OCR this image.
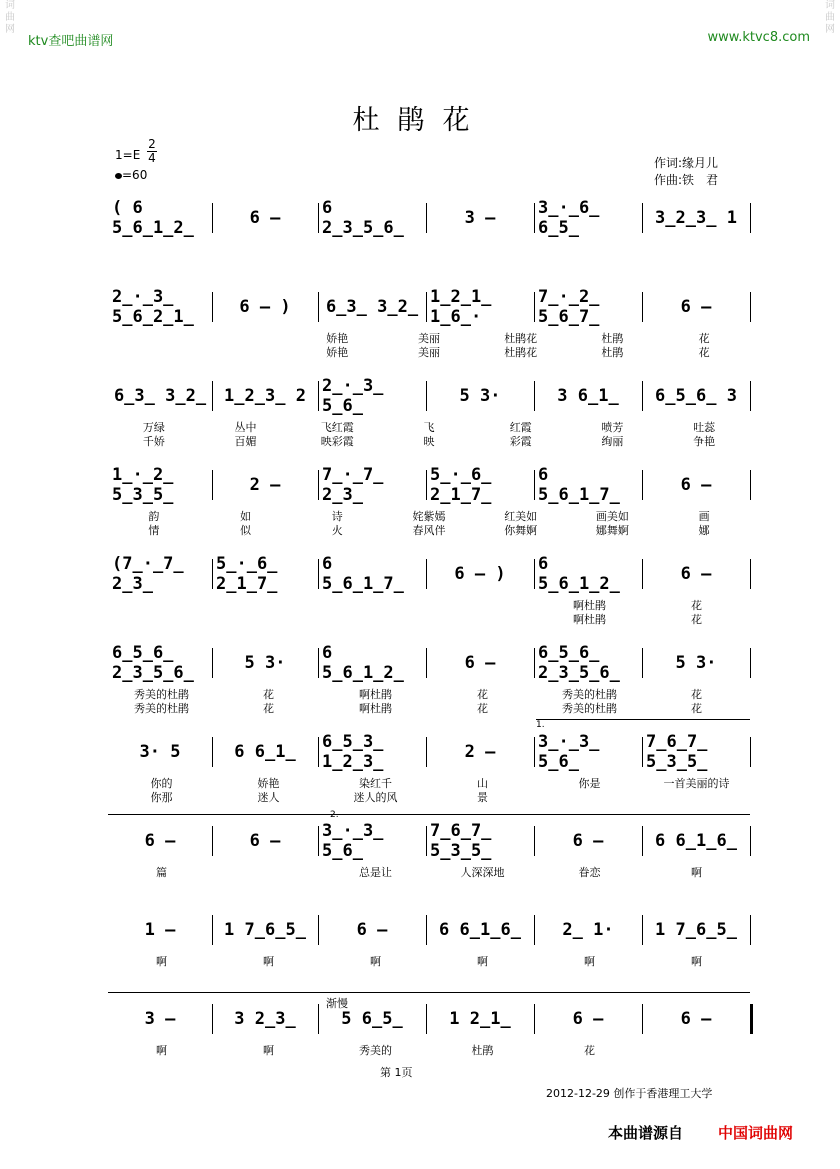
词曲网
词曲网
ktv查吧曲谱网	www.ktvc8.com
杜鹃花
$1=E \frac{2}{4}$
=60
作词:缘月儿
作曲:铁　君
( 6 5̲6̲1̲2̲	6 –	6 2̲3̲5̲6̲	3 –	3̲·̲6̲ 6̲5̲	3̲2̲3̲ 1
2̲·̲3̲ 5̲6̲2̲1̲	6 – )	6̲3̲ 3̲2̲ 1̲2̲1̲ 1̲6̲·
7̲·̲2̲ 5̲6̲7̲	6 –
娇艳	美丽	杜鹃花	杜鹃	花
娇艳	美丽	杜鹃花	杜鹃	花
6̲3̲ 3̲2̲	1̲2̲3̲ 2 2̲·̲3̲ 5̲6̲	5 3·	3 6̲1̲	6̲5̲6̲ 3
万绿	丛中	飞红霞	飞	红霞	喷芳	吐蕊
千娇	百媚	映彩霞	映	彩霞	绚丽	争艳
1̲·̲2̲ 5̲3̲5̲	2 –	7̲·̲7̲ 2̲3̲
5̲·̲6̲ 2̲1̲7̲
6 5̲6̲1̲7̲	6 –
韵	如	诗	姹紫嫣	红美如	画美如	画
情	似	火	春风伴	你舞婀	娜舞婀	娜
(7̲·̲7̲ 2̲3̲
5̲·̲6̲ 2̲1̲7̲
6 5̲6̲1̲7̲	6 – )	6 5̲6̲1̲2̲	6 –
啊杜鹃	花
啊杜鹃	花
6̲5̲6̲ 2̲3̲5̲6̲	5 3·	6 5̲6̲1̲2̲	6 –	6̲5̲6̲ 2̲3̲5̲6̲	5 3·
秀美的杜鹃	花	啊杜鹃	花	秀美的杜鹃	花
秀美的杜鹃	花	啊杜鹃	花	秀美的杜鹃	花
3· 5	6 6̲1̲	6̲5̲3̲ 1̲2̲3̲	2 –	3̲·̲3̲ 5̲6̲
7̲6̲7̲ 5̲3̲5̲
你的	娇艳	染红千	山	你是	一首美丽的诗
你那	迷人	迷人的风	景
6 –	6 –	3̲·̲3̲ 5̲6̲
7̲6̲7̲ 5̲3̲5̲	6 –	6 6̲1̲6̲
篇	总是让	人深深地	眷恋	啊
1 –	1 7̲6̲5̲	6 –	6 6̲1̲6̲	2̲ 1·	1 7̲6̲5̲
啊	啊	啊	啊	啊	啊
3 –	3 2̲3̲	5 6̲5̲	1 2̲1̲	6 –	6 –
啊	啊	秀美的	杜鹃	花
1.
2.
渐慢
第 1页
2012-12-29 创作于香港理工大学
本曲谱源自 中国词曲网
